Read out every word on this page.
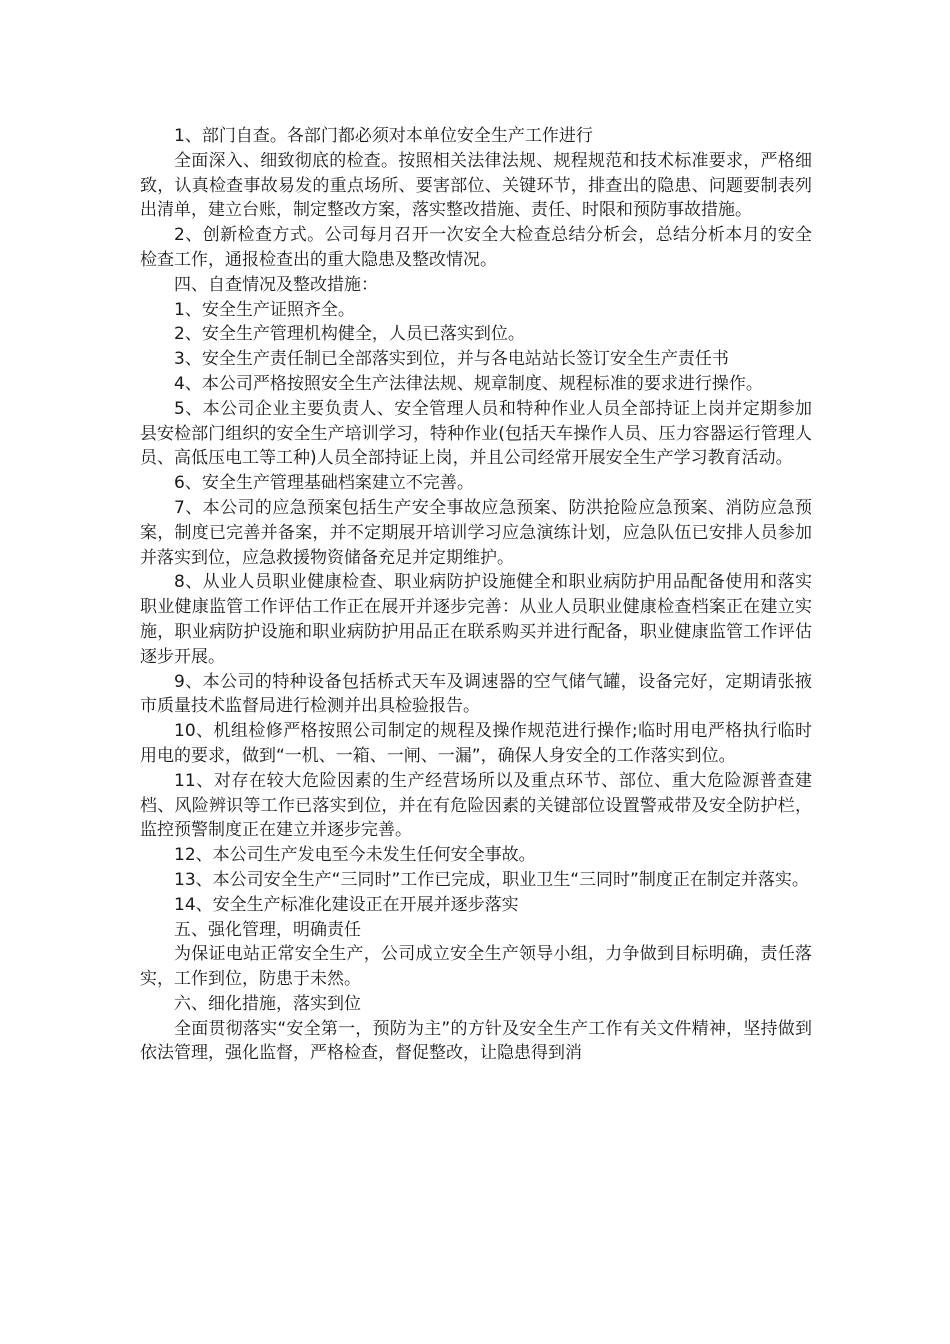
1、部门自查。各部门都必须对本单位安全生产工作进行

全面深入、细致彻底的检查。按照相关法律法规、规程规范和技术标准要求，严格细致，认真检查事故易发的重点场所、要害部位、关键环节，排查出的隐患、问题要制表列出清单，建立台账，制定整改方案，落实整改措施、责任、时限和预防事故措施。

2、创新检查方式。公司每月召开一次安全大检查总结分析会，总结分析本月的安全检查工作，通报检查出的重大隐患及整改情况。

四、自查情况及整改措施：

1、安全生产证照齐全。

2、安全生产管理机构健全，人员已落实到位。

3、安全生产责任制已全部落实到位，并与各电站站长签订安全生产责任书

4、本公司严格按照安全生产法律法规、规章制度、规程标准的要求进行操作。

5、本公司企业主要负责人、安全管理人员和特种作业人员全部持证上岗并定期参加县安检部门组织的安全生产培训学习，特种作业(包括天车操作人员、压力容器运行管理人员、高低压电工等工种)人员全部持证上岗，并且公司经常开展安全生产学习教育活动。

6、安全生产管理基础档案建立不完善。

7、本公司的应急预案包括生产安全事故应急预案、防洪抢险应急预案、消防应急预案，制度已完善并备案，并不定期展开培训学习应急演练计划，应急队伍已安排人员参加并落实到位，应急救援物资储备充足并定期维护。

8、从业人员职业健康检查、职业病防护设施健全和职业病防护用品配备使用和落实职业健康监管工作评估工作正在展开并逐步完善：从业人员职业健康检查档案正在建立实施，职业病防护设施和职业病防护用品正在联系购买并进行配备，职业健康监管工作评估逐步开展。

9、本公司的特种设备包括桥式天车及调速器的空气储气罐，设备完好，定期请张掖市质量技术监督局进行检测并出具检验报告。

10、机组检修严格按照公司制定的规程及操作规范进行操作;临时用电严格执行临时用电的要求，做到“一机、一箱、一闸、一漏”，确保人身安全的工作落实到位。

11、对存在较大危险因素的生产经营场所以及重点环节、部位、重大危险源普查建档、风险辨识等工作已落实到位，并在有危险因素的关键部位设置警戒带及安全防护栏，监控预警制度正在建立并逐步完善。

12、本公司生产发电至今未发生任何安全事故。

13、本公司安全生产“三同时”工作已完成，职业卫生“三同时”制度正在制定并落实。

14、安全生产标准化建设正在开展并逐步落实

五、强化管理，明确责任

为保证电站正常安全生产，公司成立安全生产领导小组，力争做到目标明确，责任落实，工作到位，防患于未然。

六、细化措施，落实到位

全面贯彻落实“安全第一，预防为主”的方针及安全生产工作有关文件精神，坚持做到依法管理，强化监督，严格检查，督促整改，让隐患得到消
